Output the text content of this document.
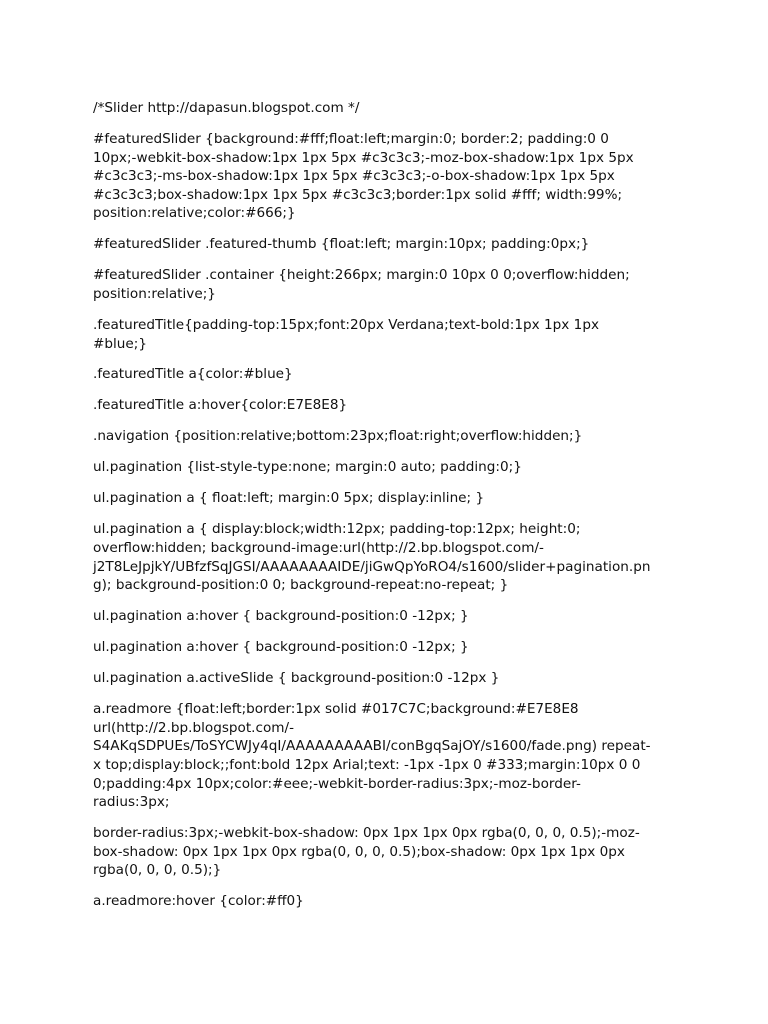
/*Slider http://dapasun.blogspot.com */
#featuredSlider {background:#fff;float:left;margin:0; border:2; padding:0 0
10px;-webkit-box-shadow:1px 1px 5px #c3c3c3;-moz-box-shadow:1px 1px 5px
#c3c3c3;-ms-box-shadow:1px 1px 5px #c3c3c3;-o-box-shadow:1px 1px 5px
#c3c3c3;box-shadow:1px 1px 5px #c3c3c3;border:1px solid #fff; width:99%;
position:relative;color:#666;}
#featuredSlider .featured-thumb {float:left; margin:10px; padding:0px;}
#featuredSlider .container {height:266px; margin:0 10px 0 0;overflow:hidden;
position:relative;}
.featuredTitle{padding-top:15px;font:20px Verdana;text-bold:1px 1px 1px
#blue;}
.featuredTitle a{color:#blue}
.featuredTitle a:hover{color:E7E8E8}
.navigation {position:relative;bottom:23px;float:right;overflow:hidden;}
ul.pagination {list-style-type:none; margin:0 auto; padding:0;}
ul.pagination a { float:left; margin:0 5px; display:inline; }
ul.pagination a { display:block;width:12px; padding-top:12px; height:0;
overflow:hidden; background-image:url(http://2.bp.blogspot.com/-
j2T8LeJpjkY/UBfzfSqJGSI/AAAAAAAAIDE/jiGwQpYoRO4/s1600/slider+pagination.pn
g); background-position:0 0; background-repeat:no-repeat; }
ul.pagination a:hover { background-position:0 -12px; }
ul.pagination a:hover { background-position:0 -12px; }
ul.pagination a.activeSlide { background-position:0 -12px }
a.readmore {float:left;border:1px solid #017C7C;background:#E7E8E8
url(http://2.bp.blogspot.com/-
S4AKqSDPUEs/ToSYCWJy4qI/AAAAAAAAABI/conBgqSajOY/s1600/fade.png) repeat-
x top;display:block;;font:bold 12px Arial;text: -1px -1px 0 #333;margin:10px 0 0
0;padding:4px 10px;color:#eee;-webkit-border-radius:3px;-moz-border-
radius:3px;
border-radius:3px;-webkit-box-shadow: 0px 1px 1px 0px rgba(0, 0, 0, 0.5);-moz-
box-shadow: 0px 1px 1px 0px rgba(0, 0, 0, 0.5);box-shadow: 0px 1px 1px 0px
rgba(0, 0, 0, 0.5);}
a.readmore:hover {color:#ff0}
